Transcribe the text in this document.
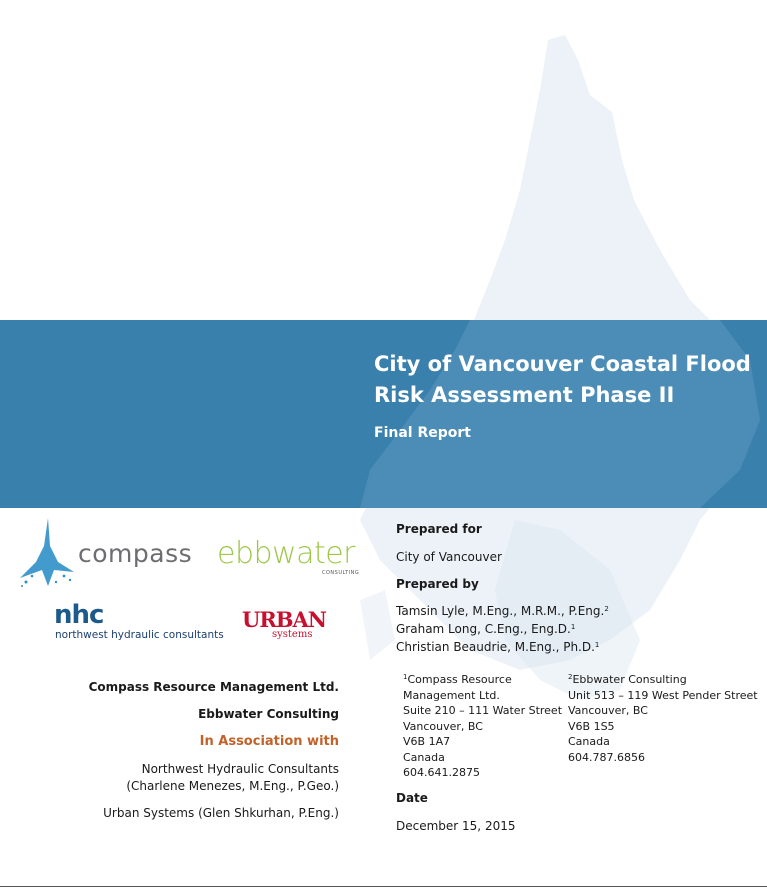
City of Vancouver Coastal Flood
Risk Assessment Phase II
Final Report
compass ebbwater
CONSULTING
nhc
northwest hydraulic consultants
URBAN
systems
Compass Resource Management Ltd.
Ebbwater Consulting
In Association with
Northwest Hydraulic Consultants
(Charlene Menezes, M.Eng., P.Geo.)
Urban Systems (Glen Shkurhan, P.Eng.)
Prepared for
City of Vancouver
Prepared by
Tamsin Lyle, M.Eng., M.R.M., P.Eng.$^2$
Graham Long, C.Eng., Eng.D.$^1$
Christian Beaudrie, M.Eng., Ph.D.$^1$
$^1$Compass Resource
Management Ltd.
Suite 210 – 111 Water Street
Vancouver, BC
V6B 1A7
Canada
604.641.2875
$^2$Ebbwater Consulting
Unit 513 – 119 West Pender Street
Vancouver, BC
V6B 1S5
Canada
604.787.6856
Date
December 15, 2015
